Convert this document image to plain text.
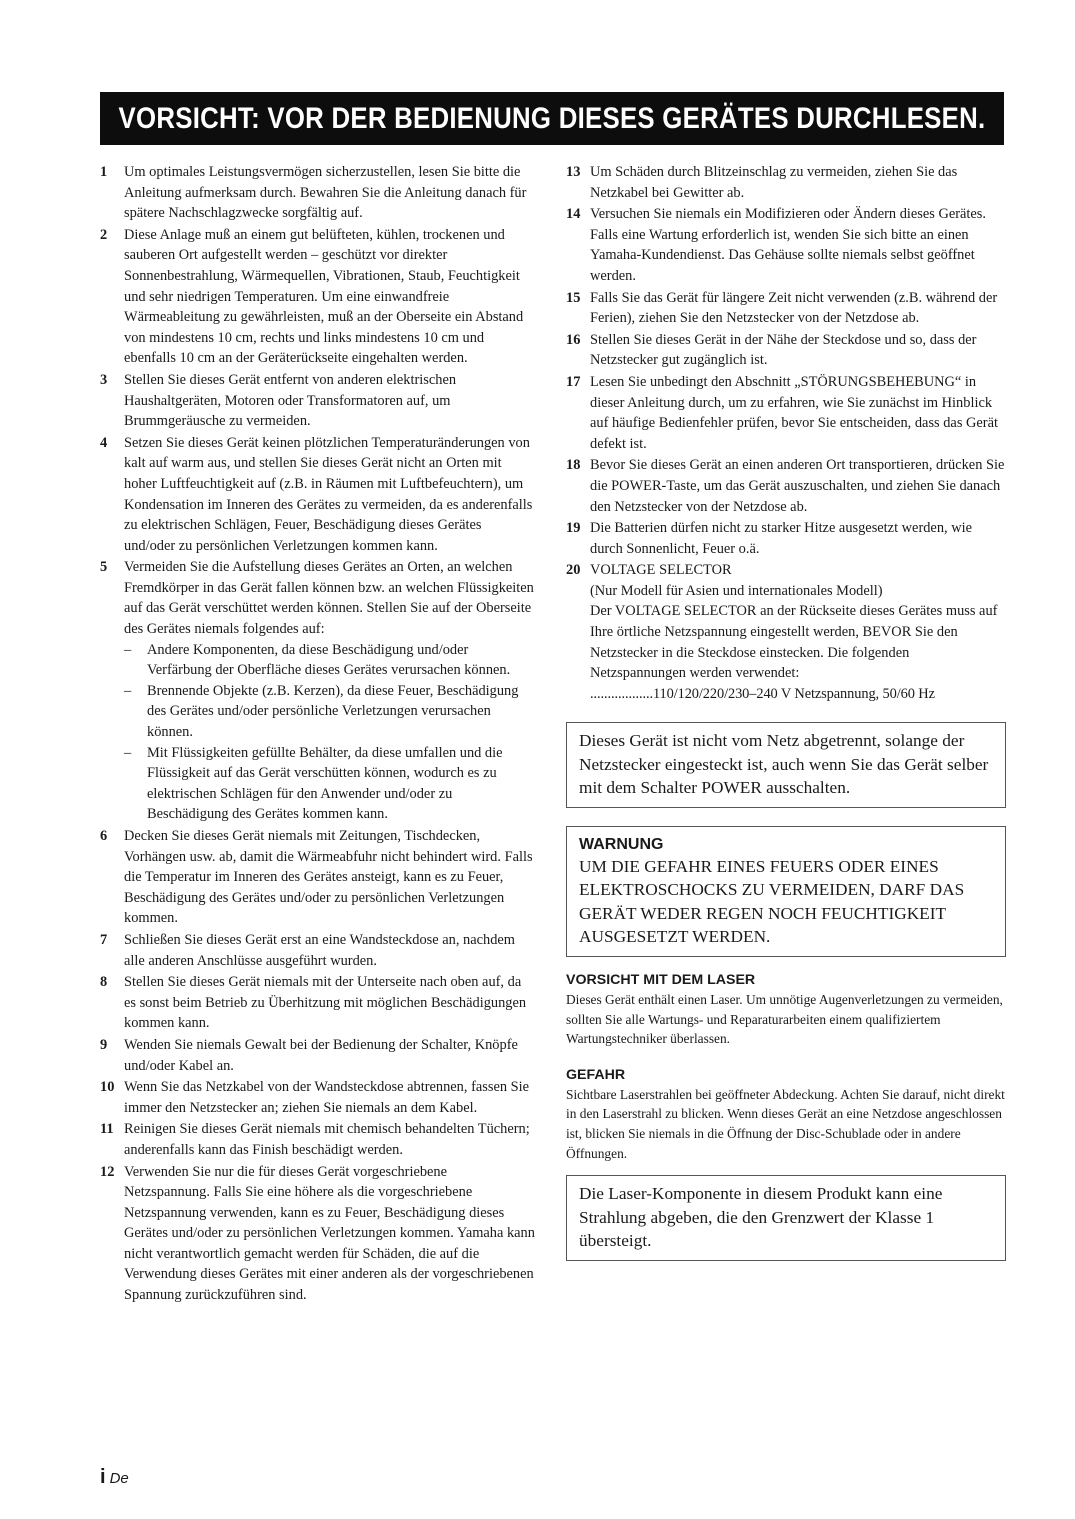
VORSICHT: VOR DER BEDIENUNG DIESES GERÄTES DURCHLESEN.
1 Um optimales Leistungsvermögen sicherzustellen, lesen Sie bitte die Anleitung aufmerksam durch. Bewahren Sie die Anleitung danach für spätere Nachschlagzwecke sorgfältig auf.

2 Diese Anlage muß an einem gut belüfteten, kühlen, trockenen und sauberen Ort aufgestellt werden – geschützt vor direkter Sonnenbestrahlung, Wärmequellen, Vibrationen, Staub, Feuchtigkeit und sehr niedrigen Temperaturen. Um eine einwandfreie Wärmeableitung zu gewährleisten, muß an der Oberseite ein Abstand von mindestens 10 cm, rechts und links mindestens 10 cm und ebenfalls 10 cm an der Geräterückseite eingehalten werden.

3 Stellen Sie dieses Gerät entfernt von anderen elektrischen Haushaltgeräten, Motoren oder Transformatoren auf, um Brummgeräusche zu vermeiden.

4 Setzen Sie dieses Gerät keinen plötzlichen Temperaturänderungen von kalt auf warm aus, und stellen Sie dieses Gerät nicht an Orten mit hoher Luftfeuchtigkeit auf (z.B. in Räumen mit Luftbefeuchtern), um Kondensation im Inneren des Gerätes zu vermeiden, da es anderenfalls zu elektrischen Schlägen, Feuer, Beschädigung dieses Gerätes und/oder zu persönlichen Verletzungen kommen kann.

5 Vermeiden Sie die Aufstellung dieses Gerätes an Orten, an welchen Fremdkörper in das Gerät fallen können bzw. an welchen Flüssigkeiten auf das Gerät verschüttet werden können. Stellen Sie auf der Oberseite des Gerätes niemals folgendes auf:

– Andere Komponenten, da diese Beschädigung und/oder Verfärbung der Oberfläche dieses Gerätes verursachen können.
– Brennende Objekte (z.B. Kerzen), da diese Feuer, Beschädigung des Gerätes und/oder persönliche Verletzungen verursachen können.
– Mit Flüssigkeiten gefüllte Behälter, da diese umfallen und die Flüssigkeit auf das Gerät verschütten können, wodurch es zu elektrischen Schlägen für den Anwender und/oder zu Beschädigung des Gerätes kommen kann.
6 Decken Sie dieses Gerät niemals mit Zeitungen, Tischdecken, Vorhängen usw. ab, damit die Wärmeabfuhr nicht behindert wird. Falls die Temperatur im Inneren des Gerätes ansteigt, kann es zu Feuer, Beschädigung des Gerätes und/oder zu persönlichen Verletzungen kommen.

7 Schließen Sie dieses Gerät erst an eine Wandsteckdose an, nachdem alle anderen Anschlüsse ausgeführt wurden.

8 Stellen Sie dieses Gerät niemals mit der Unterseite nach oben auf, da es sonst beim Betrieb zu Überhitzung mit möglichen Beschädigungen kommen kann.

9 Wenden Sie niemals Gewalt bei der Bedienung der Schalter, Knöpfe und/oder Kabel an.

10 Wenn Sie das Netzkabel von der Wandsteckdose abtrennen, fassen Sie immer den Netzstecker an; ziehen Sie niemals an dem Kabel.

11 Reinigen Sie dieses Gerät niemals mit chemisch behandelten Tüchern; anderenfalls kann das Finish beschädigt werden.

12 Verwenden Sie nur die für dieses Gerät vorgeschriebene Netzspannung. Falls Sie eine höhere als die vorgeschriebene Netzspannung verwenden, kann es zu Feuer, Beschädigung dieses Gerätes und/oder zu persönlichen Verletzungen kommen. Yamaha kann nicht verantwortlich gemacht werden für Schäden, die auf die Verwendung dieses Gerätes mit einer anderen als der vorgeschriebenen Spannung zurückzuführen sind.

13 Um Schäden durch Blitzeinschlag zu vermeiden, ziehen Sie das Netzkabel bei Gewitter ab.

14 Versuchen Sie niemals ein Modifizieren oder Ändern dieses Gerätes. Falls eine Wartung erforderlich ist, wenden Sie sich bitte an einen Yamaha-Kundendienst. Das Gehäuse sollte niemals selbst geöffnet werden.

15 Falls Sie das Gerät für längere Zeit nicht verwenden (z.B. während der Ferien), ziehen Sie den Netzstecker von der Netzdose ab.

16 Stellen Sie dieses Gerät in der Nähe der Steckdose und so, dass der Netzstecker gut zugänglich ist.

17 Lesen Sie unbedingt den Abschnitt „STÖRUNGSBEHEBUNG“ in dieser Anleitung durch, um zu erfahren, wie Sie zunächst im Hinblick auf häufige Bedienfehler prüfen, bevor Sie entscheiden, dass das Gerät defekt ist.

18 Bevor Sie dieses Gerät an einen anderen Ort transportieren, drücken Sie die POWER-Taste, um das Gerät auszuschalten, und ziehen Sie danach den Netzstecker von der Netzdose ab.

19 Die Batterien dürfen nicht zu starker Hitze ausgesetzt werden, wie durch Sonnenlicht, Feuer o.ä.

20 VOLTAGE SELECTOR

(Nur Modell für Asien und internationales Modell)

Der VOLTAGE SELECTOR an der Rückseite dieses Gerätes muss auf Ihre örtliche Netzspannung eingestellt werden, BEVOR Sie den Netzstecker in die Steckdose einstecken. Die folgenden Netzspannungen werden verwendet:

..................110/120/220/230–240 V Netzspannung, 50/60 Hz

Dieses Gerät ist nicht vom Netz abgetrennt, solange der Netzstecker eingesteckt ist, auch wenn Sie das Gerät selber mit dem Schalter POWER ausschalten.
WARNUNG
UM DIE GEFAHR EINES FEUERS ODER EINES ELEKTROSCHOCKS ZU VERMEIDEN, DARF DAS GERÄT WEDER REGEN NOCH FEUCHTIGKEIT AUSGESETZT WERDEN.
VORSICHT MIT DEM LASER
Dieses Gerät enthält einen Laser. Um unnötige Augenverletzungen zu vermeiden, sollten Sie alle Wartungs- und Reparaturarbeiten einem qualifiziertem Wartungstechniker überlassen.
GEFAHR
Sichtbare Laserstrahlen bei geöffneter Abdeckung. Achten Sie darauf, nicht direkt in den Laserstrahl zu blicken. Wenn dieses Gerät an eine Netzdose angeschlossen ist, blicken Sie niemals in die Öffnung der Disc-Schublade oder in andere Öffnungen.
Die Laser-Komponente in diesem Produkt kann eine Strahlung abgeben, die den Grenzwert der Klasse 1 übersteigt.
i De
